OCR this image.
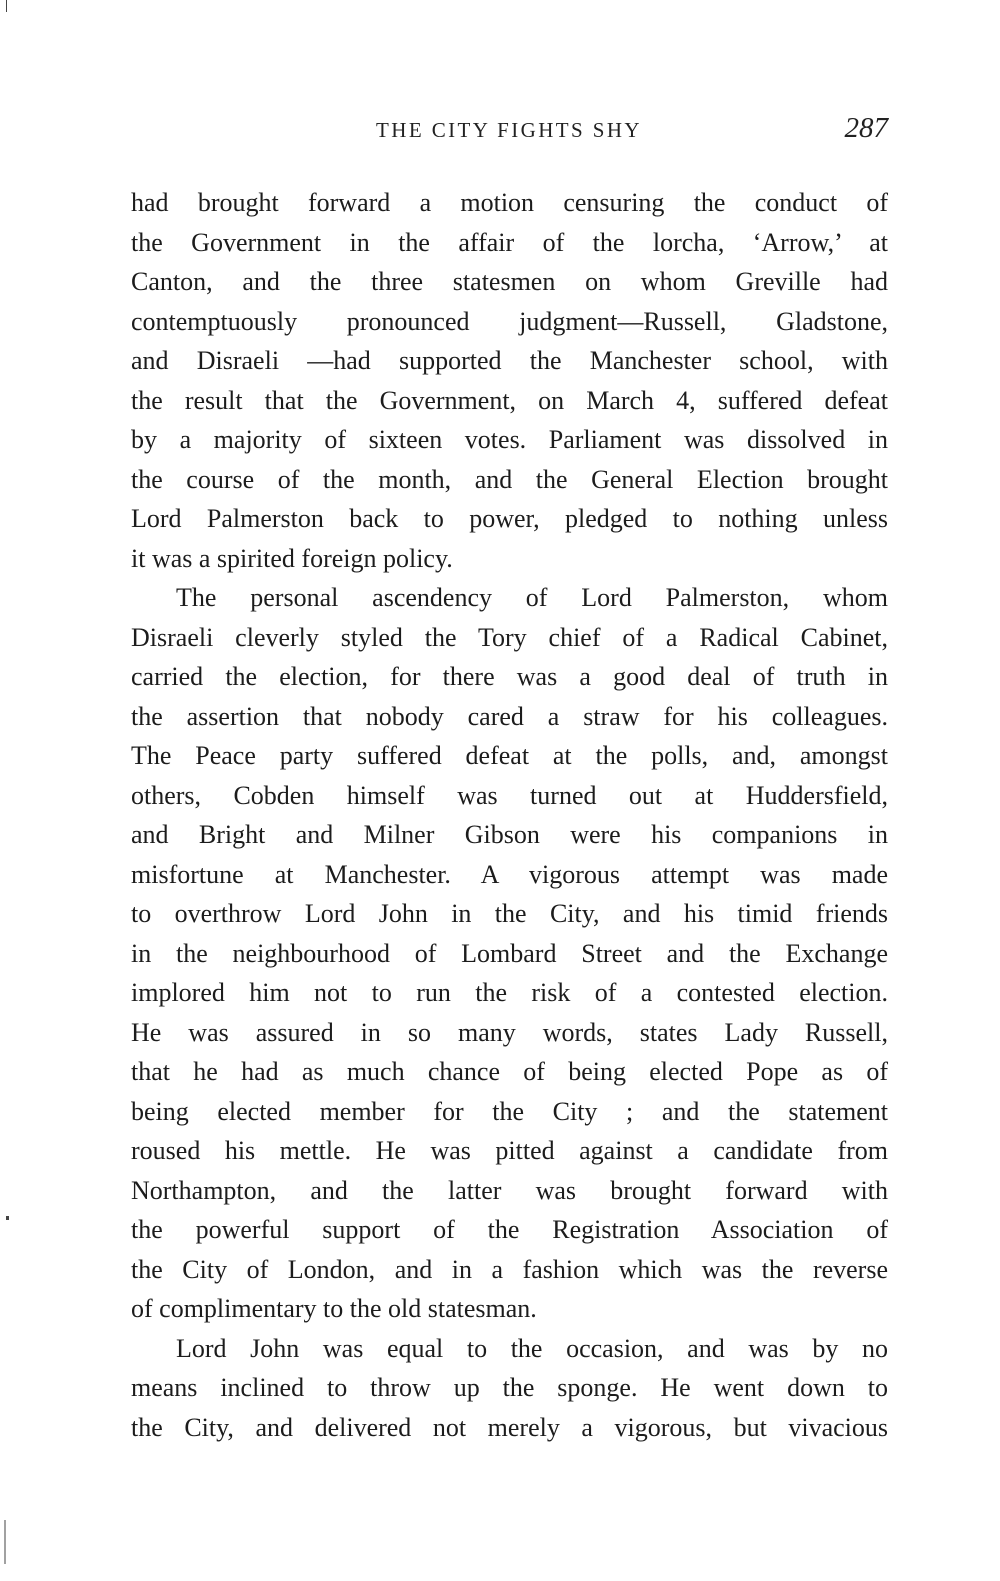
THE CITY FIGHTS SHY	287
had brought forward a motion censuring the conduct of
the Government in the affair of the lorcha, ‘Arrow,’ at
Canton, and the three statesmen on whom Greville had
contemptuously pronounced judgment—Russell, Gladstone,
and Disraeli —had supported the Manchester school, with
the result that the Government, on March 4, suffered defeat
by a majority of sixteen votes. Parliament was dissolved in
the course of the month, and the General Election brought
Lord Palmerston back to power, pledged to nothing unless
it was a spirited foreign policy.
The personal ascendency of Lord Palmerston, whom
Disraeli cleverly styled the Tory chief of a Radical Cabinet,
carried the election, for there was a good deal of truth in
the assertion that nobody cared a straw for his colleagues.
The Peace party suffered defeat at the polls, and, amongst
others, Cobden himself was turned out at Huddersfield,
and Bright and Milner Gibson were his companions in
misfortune at Manchester. A vigorous attempt was made
to overthrow Lord John in the City, and his timid friends
in the neighbourhood of Lombard Street and the Exchange
implored him not to run the risk of a contested election.
He was assured in so many words, states Lady Russell,
that he had as much chance of being elected Pope as of
being elected member for the City ; and the statement
roused his mettle. He was pitted against a candidate from
Northampton, and the latter was brought forward with
the powerful support of the Registration Association of
the City of London, and in a fashion which was the reverse
of complimentary to the old statesman.
Lord John was equal to the occasion, and was by no
means inclined to throw up the sponge. He went down to
the City, and delivered not merely a vigorous, but vivacious
